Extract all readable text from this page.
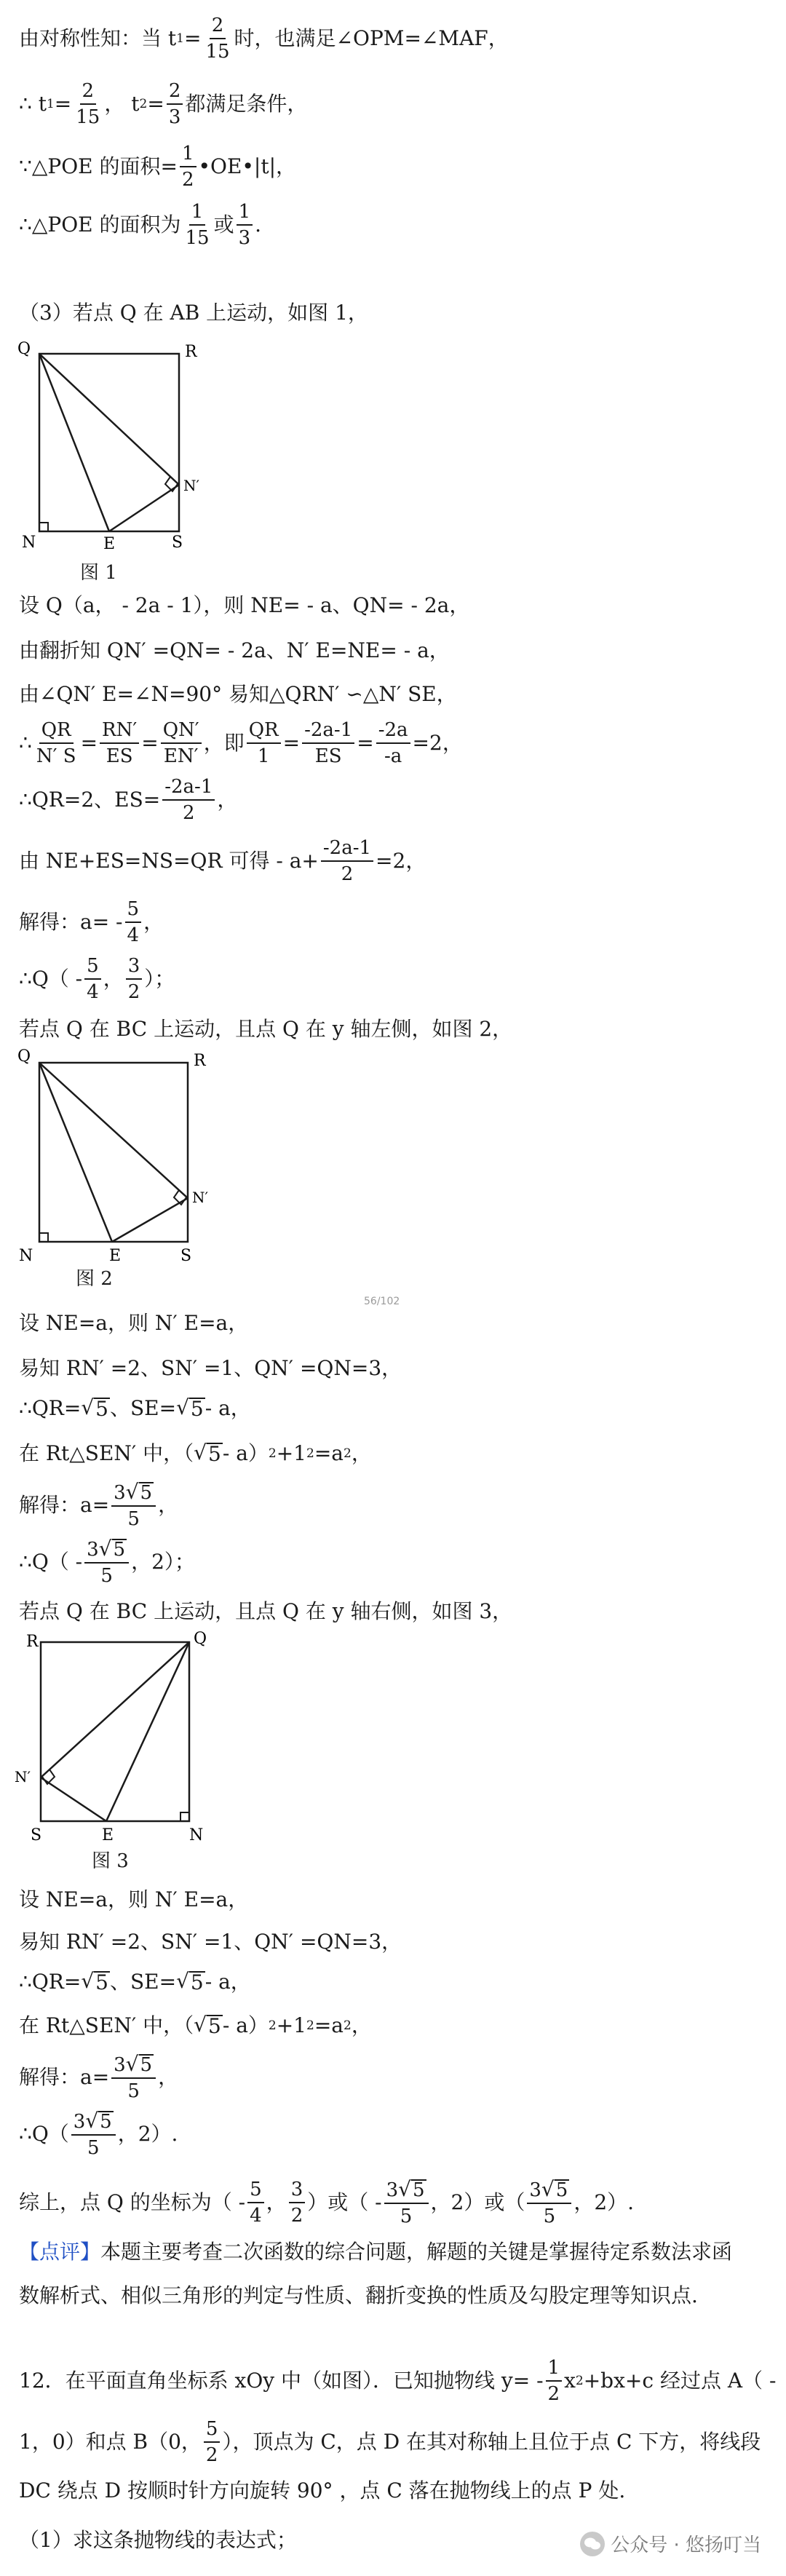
由对称性知：当 t $1 = \frac{2}{15}$ 时，也满足∠OPM=∠MAF，
∴ t $1 = \frac{2}{15}$ ， t $2 = \frac{2}{3}$ 都满足条件，
∵△POE 的面积= $\frac{1}{2}$ •OE•|t|，
∴△POE 的面积为 $\frac{1}{15}$ 或 $\frac{1}{3}$ .
（3）若点 Q 在 AB 上运动，如图 1，
Q	R
N	E	S
N′
图 1
设 Q（a， - 2a - 1），则 NE= - a、QN= - 2a，
由翻折知 QN′ =QN= - 2a、N′ E=NE= - a，
由∠QN′ E=∠N=90° 易知△QRN′ ∽△N′ SE，
∴ $\frac{QR}{N' S} = \frac{RN'}{ES} = \frac{QN'}{EN'}$ ，即 $\frac{QR}{1} = \frac{-2a-1}{ES} = \frac{-2a}{-a} =2$，
∴QR=2、$ES= \frac{-2a-1}{2}$ ，
由 NE+ES=NS=QR 可得 - $a+ \frac{-2a-1}{2} =2$，
解得：$a= - \frac{5}{4}$ ，
∴Q（ - $\frac{5}{4}$ ， $\frac{3}{2}$ ）；
若点 Q 在 BC 上运动，且点 Q 在 y 轴左侧，如图 2，
Q	R
N	E	S
N′
图 2
56/102
设 NE=a，则 N′ E=a，
易知 RN′ =2、SN′ =1、QN′ =QN=3，
∴QR= √ 5 、SE= √ 5 - a，
在 Rt△SEN′ 中，（ √ 5 - a） 2 +1 2 =a 2 ，
解得：$a= \frac{3 √ 5}{5}$ ，
∴Q（ - $\frac{3 √ 5}{5}$ ，2）；
若点 Q 在 BC 上运动，且点 Q 在 y 轴右侧，如图 3，
R	Q
S	E	N
N′
图 3
设 NE=a，则 N′ E=a，
易知 RN′ =2、SN′ =1、QN′ =QN=3，
∴QR= √ 5 、SE= √ 5 - a，
在 Rt△SEN′ 中，（ √ 5 - a） 2 +1 2 =a 2 ，
解得：$a= \frac{3 √ 5}{5}$ ，
∴Q（ $\frac{3 √ 5}{5}$ ，2）.
综上，点 Q 的坐标为（ - $\frac{5}{4}$ ， $\frac{3}{2}$ ）或（ - $\frac{3 √ 5}{5}$ ，2）或（ $\frac{3 √ 5}{5}$ ，2）.
【点评】 本题主要考查二次函数的综合问题，解题的关键是掌握待定系数法求函
数解析式、相似三角形的判定与性质、翻折变换的性质及勾股定理等知识点.
12．在平面直角坐标系 xOy 中（如图）．已知抛物线 $y= - \frac{1}{2}$ x 2 +bx+c 经过点 A（ -
1，0）和点 B（0， $\frac{5}{2}$ ），顶点为 C，点 D 在其对称轴上且位于点 C 下方，将线段
DC 绕点 D 按顺时针方向旋转 90° ，点 C 落在抛物线上的点 P 处.
（1）求这条抛物线的表达式；	公众号 · 悠扬叮当
